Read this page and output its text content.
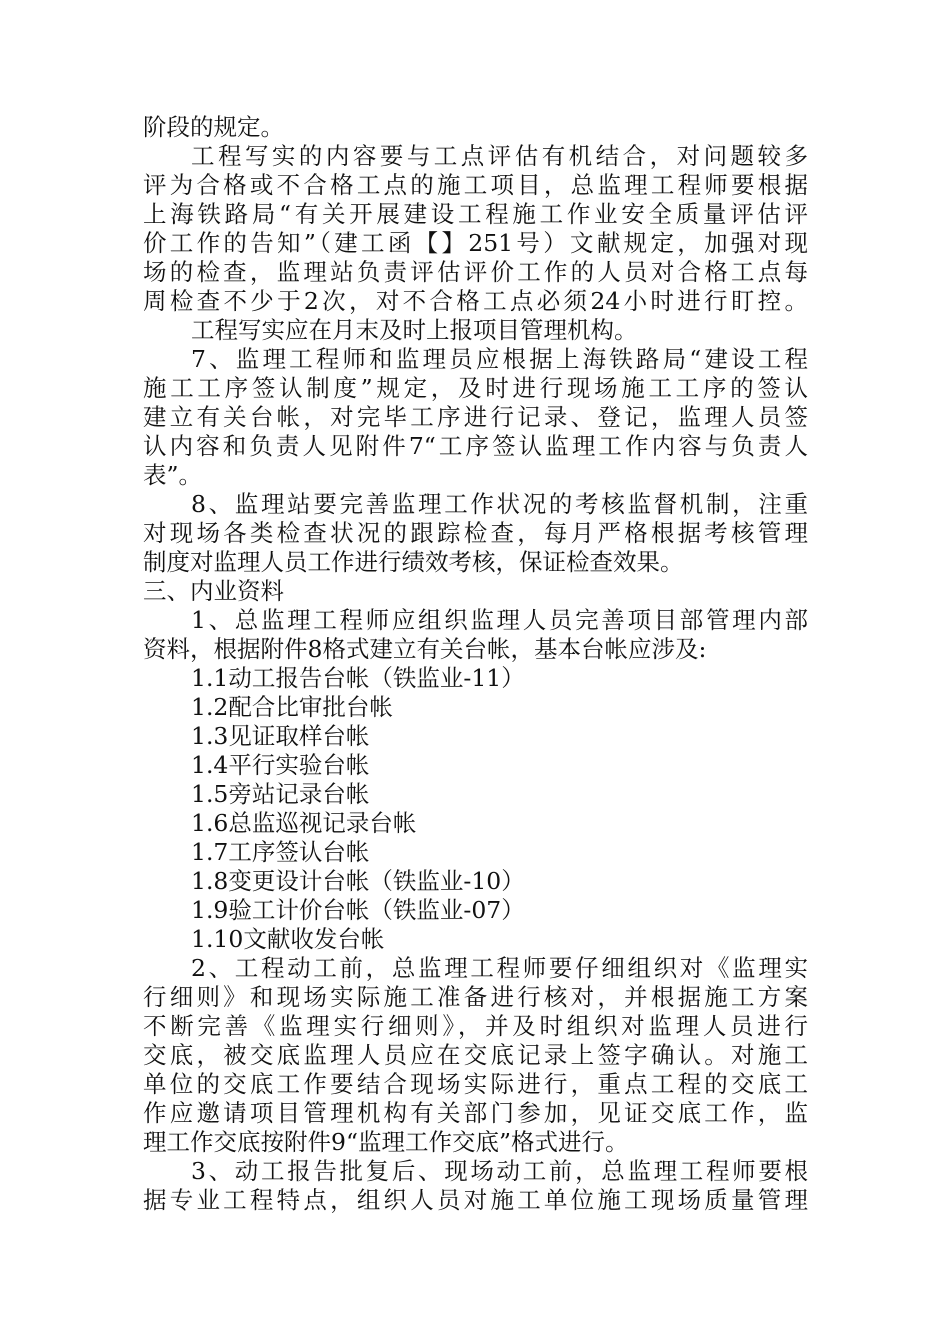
阶段的规定。
工程写实的内容要与工点评估有机结合，对问题较多
评为合格或不合格工点的施工项目，总监理工程师要根据
上海铁路局“有关开展建设工程施工作业安全质量评估评
价工作的告知”（建工函【】251号）文献规定，加强对现
场的检查，监理站负责评估评价工作的人员对合格工点每
周检查不少于2次，对不合格工点必须24小时进行盯控。
工程写实应在月末及时上报项目管理机构。
7、监理工程师和监理员应根据上海铁路局“建设工程
施工工序签认制度”规定，及时进行现场施工工序的签认
建立有关台帐，对完毕工序进行记录、登记，监理人员签
认内容和负责人见附件7“工序签认监理工作内容与负责人
表”。
8、监理站要完善监理工作状况的考核监督机制，注重
对现场各类检查状况的跟踪检查，每月严格根据考核管理
制度对监理人员工作进行绩效考核，保证检查效果。
三、内业资料
1、总监理工程师应组织监理人员完善项目部管理内部
资料，根据附件8格式建立有关台帐，基本台帐应涉及:
1.1动工报告台帐（铁监业-11）
1.2配合比审批台帐
1.3见证取样台帐
1.4平行实验台帐
1.5旁站记录台帐
1.6总监巡视记录台帐
1.7工序签认台帐
1.8变更设计台帐（铁监业-10）
1.9验工计价台帐（铁监业-07）
1.10文献收发台帐
2、工程动工前，总监理工程师要仔细组织对《监理实
行细则》和现场实际施工准备进行核对，并根据施工方案
不断完善《监理实行细则》，并及时组织对监理人员进行
交底，被交底监理人员应在交底记录上签字确认。对施工
单位的交底工作要结合现场实际进行，重点工程的交底工
作应邀请项目管理机构有关部门参加，见证交底工作，监
理工作交底按附件9“监理工作交底”格式进行。
3、动工报告批复后、现场动工前，总监理工程师要根
据专业工程特点，组织人员对施工单位施工现场质量管理
